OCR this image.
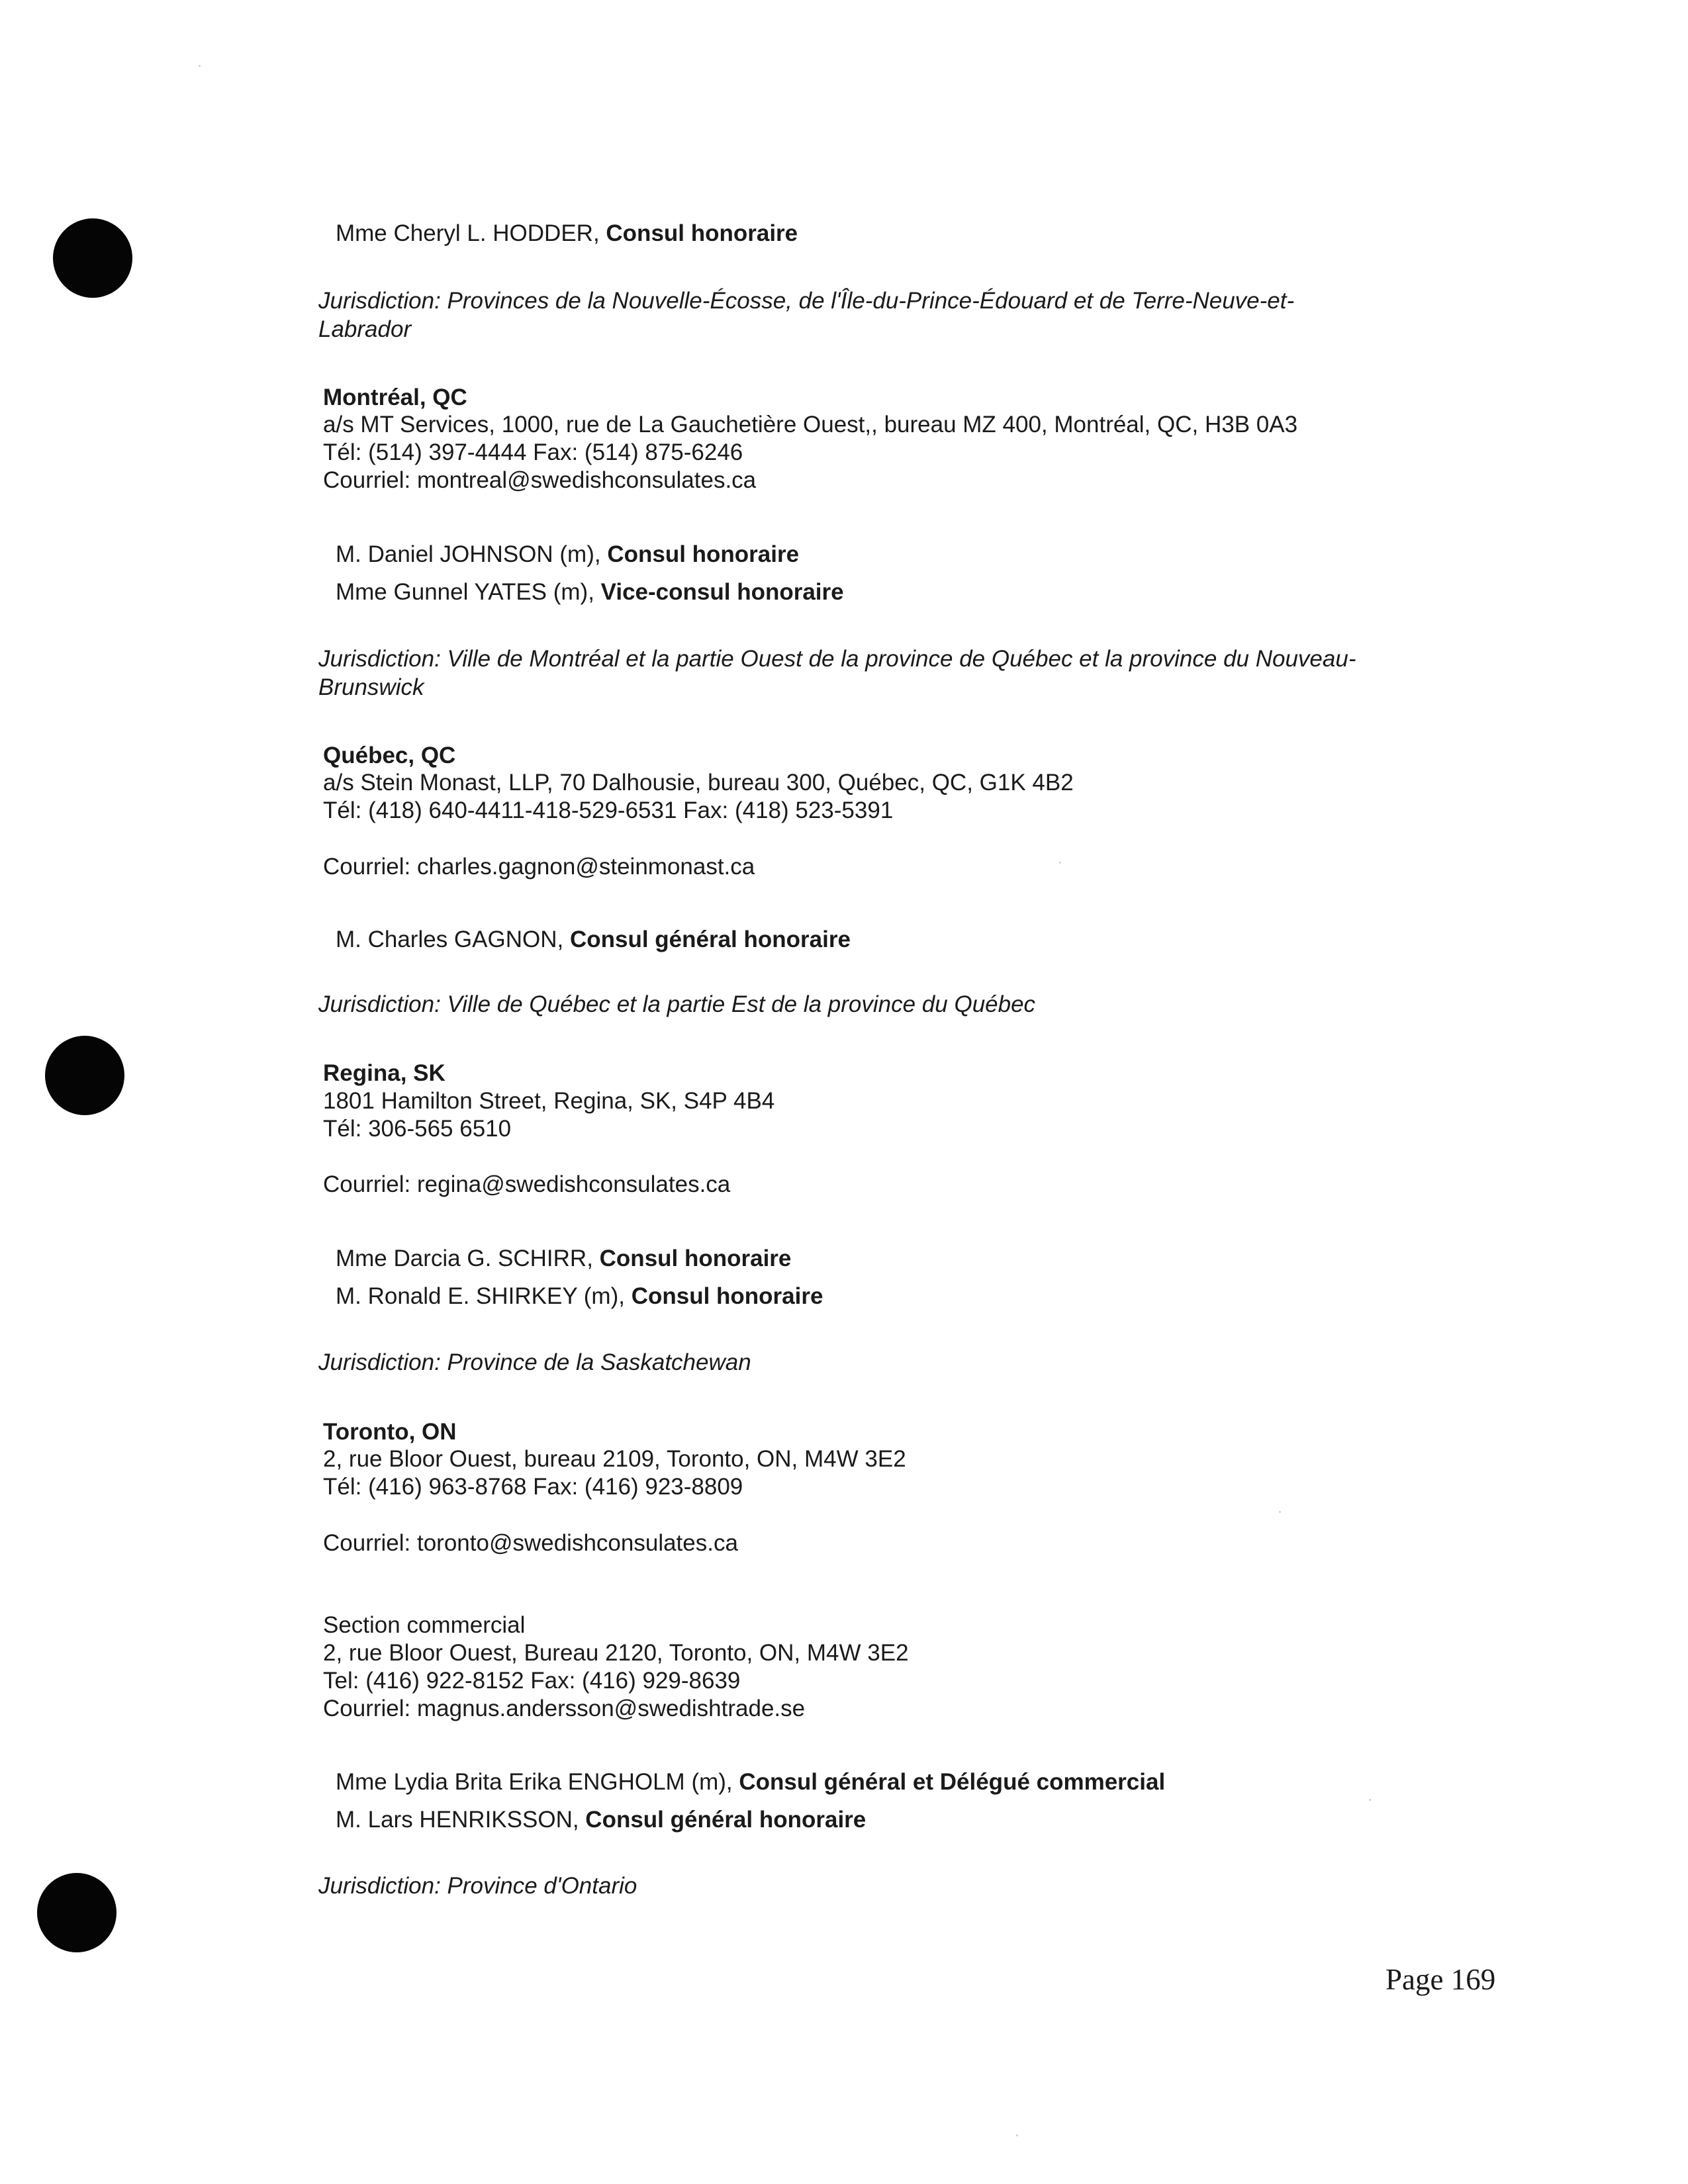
Mme Cheryl L. HODDER, Consul honoraire
Jurisdiction: Provinces de la Nouvelle-Écosse, de l'Île-du-Prince-Édouard et de Terre-Neuve-et-
Labrador
Montréal, QC
a/s MT Services, 1000, rue de La Gauchetière Ouest,, bureau MZ 400, Montréal, QC, H3B 0A3
Tél: (514) 397-4444 Fax: (514) 875-6246
Courriel: montreal@swedishconsulates.ca
M. Daniel JOHNSON (m), Consul honoraire
Mme Gunnel YATES (m), Vice-consul honoraire
Jurisdiction: Ville de Montréal et la partie Ouest de la province de Québec et la province du Nouveau-
Brunswick
Québec, QC
a/s Stein Monast, LLP, 70 Dalhousie, bureau 300, Québec, QC, G1K 4B2
Tél: (418) 640-4411-418-529-6531 Fax: (418) 523-5391
Courriel: charles.gagnon@steinmonast.ca
M. Charles GAGNON, Consul général honoraire
Jurisdiction: Ville de Québec et la partie Est de la province du Québec
Regina, SK
1801 Hamilton Street, Regina, SK, S4P 4B4
Tél: 306-565 6510
Courriel: regina@swedishconsulates.ca
Mme Darcia G. SCHIRR, Consul honoraire
M. Ronald E. SHIRKEY (m), Consul honoraire
Jurisdiction: Province de la Saskatchewan
Toronto, ON
2, rue Bloor Ouest, bureau 2109, Toronto, ON, M4W 3E2
Tél: (416) 963-8768 Fax: (416) 923-8809
Courriel: toronto@swedishconsulates.ca
Section commercial
2, rue Bloor Ouest, Bureau 2120, Toronto, ON, M4W 3E2
Tel: (416) 922-8152 Fax: (416) 929-8639
Courriel: magnus.andersson@swedishtrade.se
Mme Lydia Brita Erika ENGHOLM (m), Consul général et Délégué commercial
M. Lars HENRIKSSON, Consul général honoraire
Jurisdiction: Province d'Ontario
Page 169
